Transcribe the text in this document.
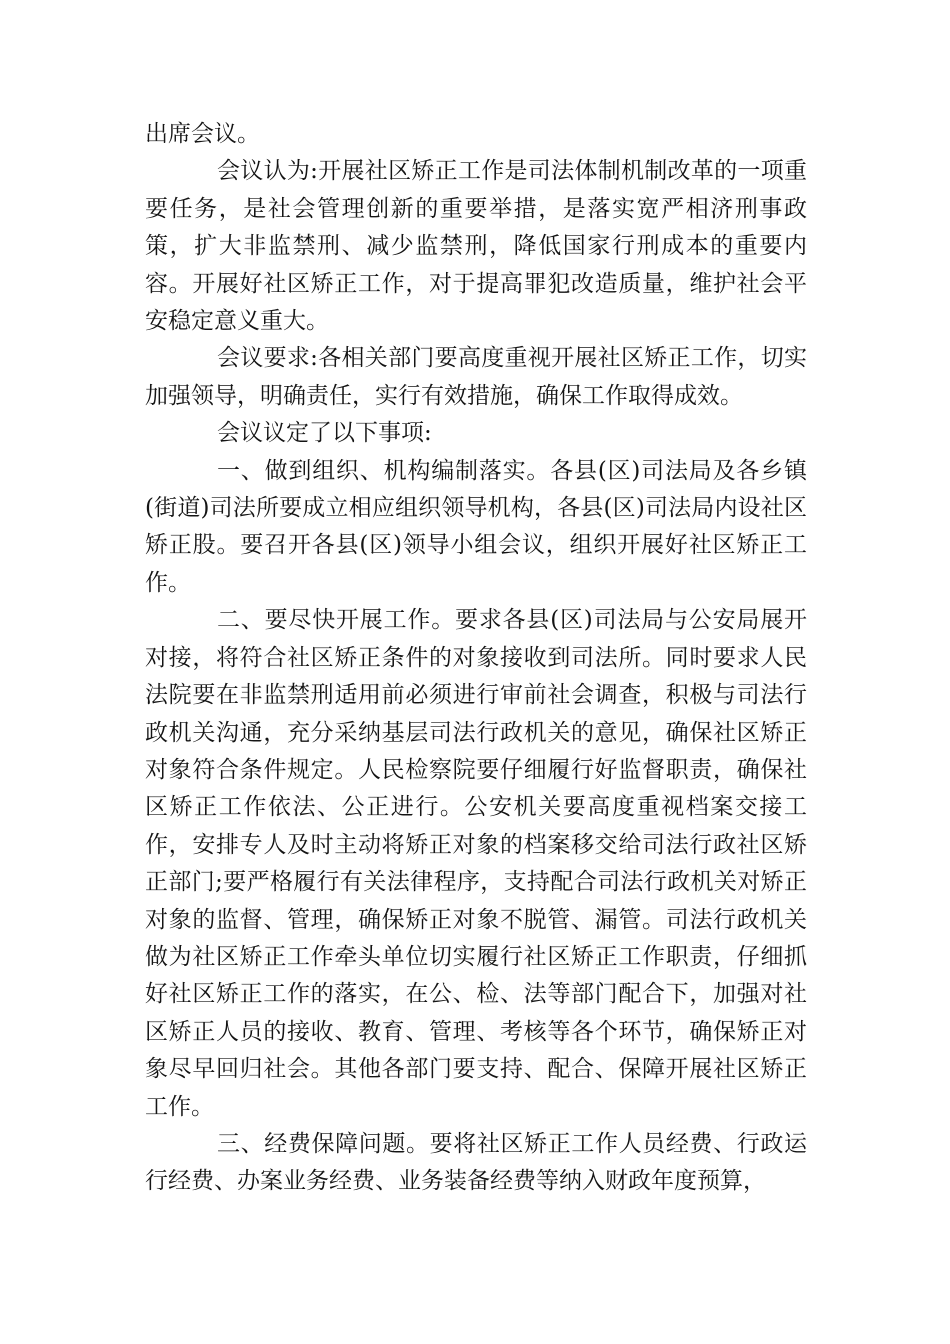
出席会议。

会议认为:开展社区矫正工作是司法体制机制改革的一项重要任务，是社会管理创新的重要举措，是落实宽严相济刑事政策，扩大非监禁刑、减少监禁刑，降低国家行刑成本的重要内容。开展好社区矫正工作，对于提高罪犯改造质量，维护社会平安稳定意义重大。

会议要求:各相关部门要高度重视开展社区矫正工作，切实加强领导，明确责任，实行有效措施，确保工作取得成效。

会议议定了以下事项:

一、做到组织、机构编制落实。各县(区)司法局及各乡镇(街道)司法所要成立相应组织领导机构，各县(区)司法局内设社区矫正股。要召开各县(区)领导小组会议，组织开展好社区矫正工作。

二、要尽快开展工作。要求各县(区)司法局与公安局展开对接，将符合社区矫正条件的对象接收到司法所。同时要求人民法院要在非监禁刑适用前必须进行审前社会调查，积极与司法行政机关沟通，充分采纳基层司法行政机关的意见，确保社区矫正对象符合条件规定。人民检察院要仔细履行好监督职责，确保社区矫正工作依法、公正进行。公安机关要高度重视档案交接工作，安排专人及时主动将矫正对象的档案移交给司法行政社区矫正部门;要严格履行有关法律程序，支持配合司法行政机关对矫正对象的监督、管理，确保矫正对象不脱管、漏管。司法行政机关做为社区矫正工作牵头单位切实履行社区矫正工作职责，仔细抓好社区矫正工作的落实，在公、检、法等部门配合下，加强对社区矫正人员的接收、教育、管理、考核等各个环节，确保矫正对象尽早回归社会。其他各部门要支持、配合、保障开展社区矫正工作。

三、经费保障问题。要将社区矫正工作人员经费、行政运行经费、办案业务经费、业务装备经费等纳入财政年度预算，
